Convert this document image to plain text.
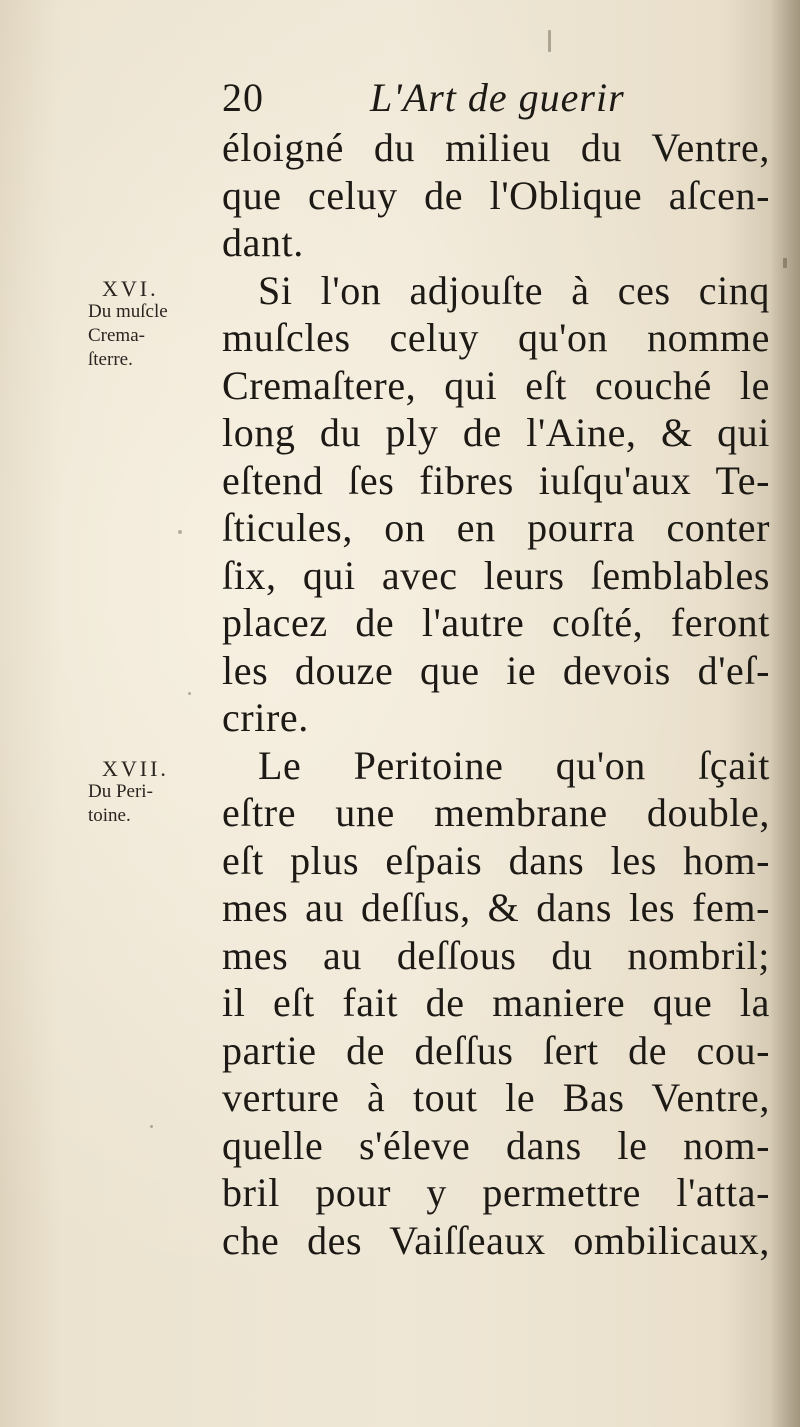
20	L'Art de guerir
XVI.
Du muſcle
Crema-
ſterre.
XVII.
Du Peri-
toine.
éloigné du milieu du Ventre,
que celuy de l'Oblique aſcen-
dant.
Si l'on adjouſte à ces cinq
muſcles celuy qu'on nomme
Cremaſtere, qui eſt couché le
long du ply de l'Aine, & qui
eſtend ſes fibres iuſqu'aux Te-
ſticules, on en pourra conter
ſix, qui avec leurs ſemblables
placez de l'autre coſté, feront
les douze que ie devois d'eſ-
crire.
Le Peritoine qu'on ſçait
eſtre une membrane double,
eſt plus eſpais dans les hom-
mes au deſſus, & dans les fem-
mes au deſſous du nombril;
il eſt fait de maniere que la
partie de deſſus ſert de cou-
verture à tout le Bas Ventre,
quelle s'éleve dans le nom-
bril pour y permettre l'atta-
che des Vaiſſeaux ombilicaux,
